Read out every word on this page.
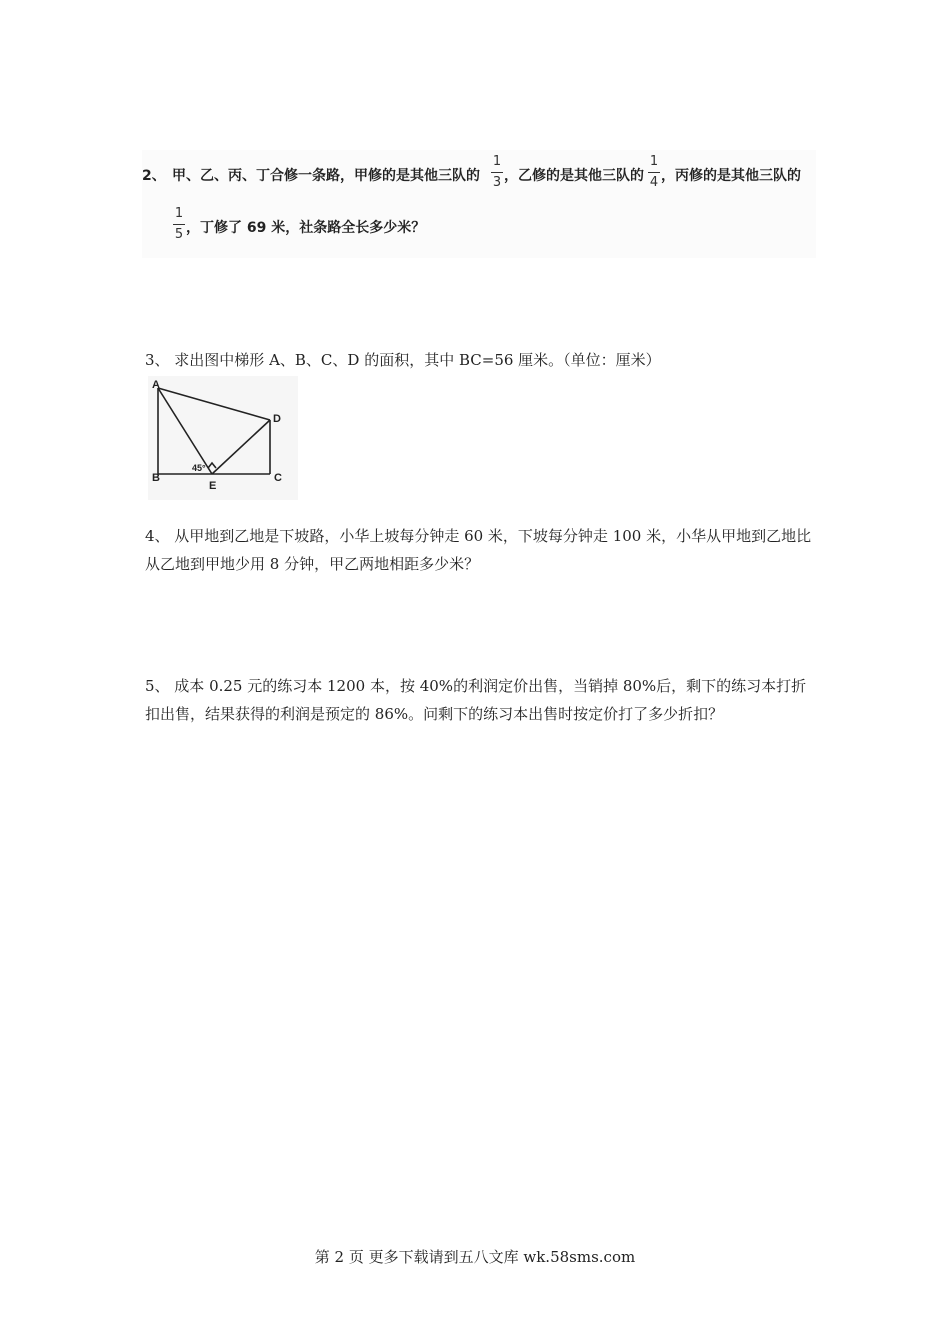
2、 甲、乙、丙、丁合修一条路，甲修的是其他三队的
1
3 ，乙修的是其他三队的
1
4 ，丙修的是其他三队的
1
5 ，丁修了 69 米，社条路全长多少米？
3、 求出图中梯形 A、B、C、D 的面积，其中 BC=56 厘米。（单位：厘米）
A
B	C
D
E
45°
4、 从甲地到乙地是下坡路，小华上坡每分钟走 60 米，下坡每分钟走 100 米，小华从甲地到乙地比从乙地到甲地少用 8 分钟，甲乙两地相距多少米？
5、 成本 0.25 元的练习本 1200 本，按 40%的利润定价出售，当销掉 80%后，剩下的练习本打折扣出售，结果获得的利润是预定的 86%。问剩下的练习本出售时按定价打了多少折扣？
第 2 页 更多下载请到五八文库 wk.58sms.com
